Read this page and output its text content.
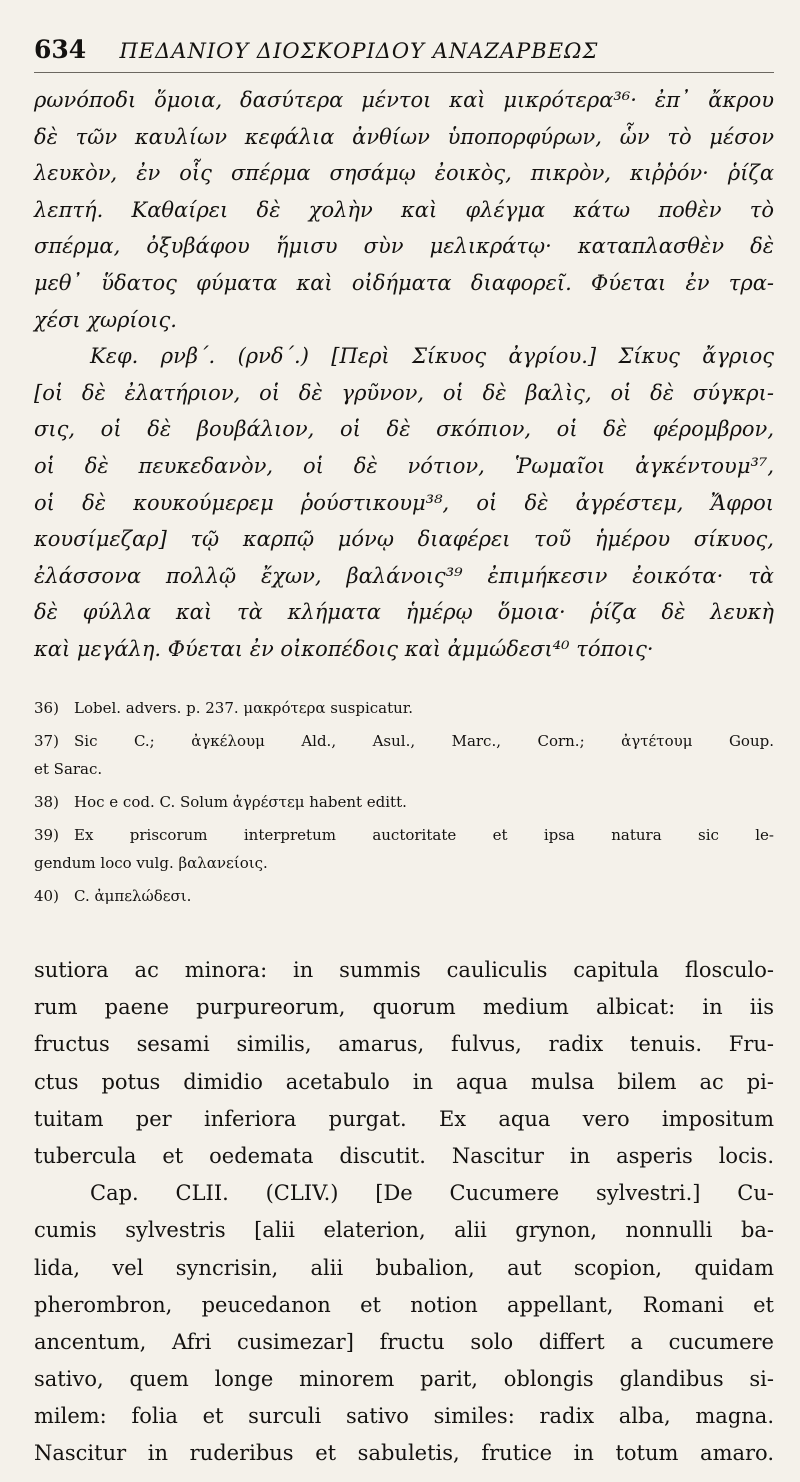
634 ΠΕΔΑΝΙΟΥ ΔΙΟΣΚΟΡΙΔΟΥ ΑΝΑΖΑΡΒΕΩΣ
ρωνόποδι ὅμοια, δασύτερα μέντοι καὶ μικρότερα³⁶· ἐπ᾽ ἄκρου
δὲ τῶν καυλίων κεφάλια ἀνθίων ὑποπορφύρων, ὧν τὸ μέσον
λευκὸν, ἐν οἷς σπέρμα σησάμῳ ἐοικὸς, πικρὸν, κιῤῥόν· ῥίζα
λεπτή. Καθαίρει δὲ χολὴν καὶ φλέγμα κάτω ποθὲν τὸ
σπέρμα, ὀξυβάφου ἥμισυ σὺν μελικράτῳ· καταπλασθὲν δὲ
μεθ᾽ ὕδατος φύματα καὶ οἰδήματα διαφορεῖ. Φύεται ἐν τρα-
χέσι χωρίοις.
Κεφ. ρνβ΄. (ρνδ΄.) [Περὶ Σίκυος ἀγρίου.] Σίκυς ἄγριος
[οἱ δὲ ἐλατήριον, οἱ δὲ γρῦνον, οἱ δὲ βαλὶς, οἱ δὲ σύγκρι-
σις, οἱ δὲ βουβάλιον, οἱ δὲ σκόπιον, οἱ δὲ φέρομβρον,
οἱ δὲ πευκεδανὸν, οἱ δὲ νότιον, Ῥωμαῖοι ἀγκέντουμ³⁷,
οἱ δὲ κουκούμερεμ ῥούστικουμ³⁸, οἱ δὲ ἀγρέστεμ, Ἄφροι
κουσίμεζαρ] τῷ καρπῷ μόνῳ διαφέρει τοῦ ἡμέρου σίκυος,
ἐλάσσονα πολλῷ ἔχων, βαλάνοις³⁹ ἐπιμήκεσιν ἐοικότα· τὰ
δὲ φύλλα καὶ τὰ κλήματα ἡμέρῳ ὅμοια· ῥίζα δὲ λευκὴ
καὶ μεγάλη. Φύεται ἐν οἰκοπέδοις καὶ ἀμμώδεσι⁴⁰ τόποις·
36) Lobel. advers. p. 237. μακρότερα suspicatur.
37) Sic C.; ἀγκέλουμ Ald., Asul., Marc., Corn.; ἀγτέτουμ Goup.
et Sarac.
38) Hoc e cod. C. Solum ἀγρέστεμ habent editt.
39) Ex priscorum interpretum auctoritate et ipsa natura sic le-
gendum loco vulg. βαλανείοις.
40) C. ἀμπελώδεσι.
sutiora ac minora: in summis cauliculis capitula flosculo-
rum paene purpureorum, quorum medium albicat: in iis
fructus sesami similis, amarus, fulvus, radix tenuis. Fru-
ctus potus dimidio acetabulo in aqua mulsa bilem ac pi-
tuitam per inferiora purgat. Ex aqua vero impositum
tubercula et oedemata discutit. Nascitur in asperis locis.
Cap. CLII. (CLIV.) [De Cucumere sylvestri.] Cu-
cumis sylvestris [alii elaterion, alii grynon, nonnulli ba-
lida, vel syncrisin, alii bubalion, aut scopion, quidam
pherombron, peucedanon et notion appellant, Romani et
ancentum, Afri cusimezar] fructu solo differt a cucumere
sativo, quem longe minorem parit, oblongis glandibus si-
milem: folia et surculi sativo similes: radix alba, magna.
Nascitur in ruderibus et sabuletis, frutice in totum amaro.
